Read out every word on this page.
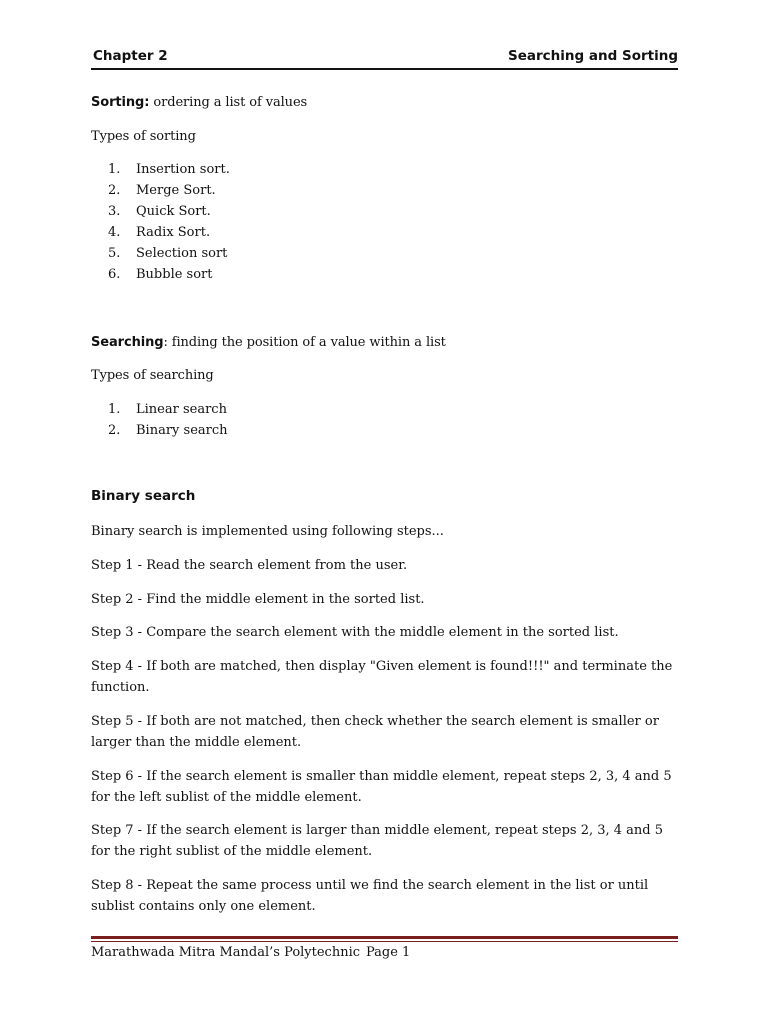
Chapter 2	Searching and Sorting
Sorting: ordering a list of values
Types of sorting
1. Insertion sort.
2. Merge Sort.
3. Quick Sort.
4. Radix Sort.
5. Selection sort
6. Bubble sort
Searching: finding the position of a value within a list
Types of searching
1. Linear search
2. Binary search
Binary search
Binary search is implemented using following steps...
Step 1 - Read the search element from the user.
Step 2 - Find the middle element in the sorted list.
Step 3 - Compare the search element with the middle element in the sorted list.
Step 4 - If both are matched, then display "Given element is found!!!" and terminate the function.
Step 5 - If both are not matched, then check whether the search element is smaller or larger than the middle element.
Step 6 - If the search element is smaller than middle element, repeat steps 2, 3, 4 and 5 for the left sublist of the middle element.
Step 7 - If the search element is larger than middle element, repeat steps 2, 3, 4 and 5 for the right sublist of the middle element.
Step 8 - Repeat the same process until we find the search element in the list or until sublist contains only one element.
Marathwada Mitra Mandal’s Polytechnic Page 1
